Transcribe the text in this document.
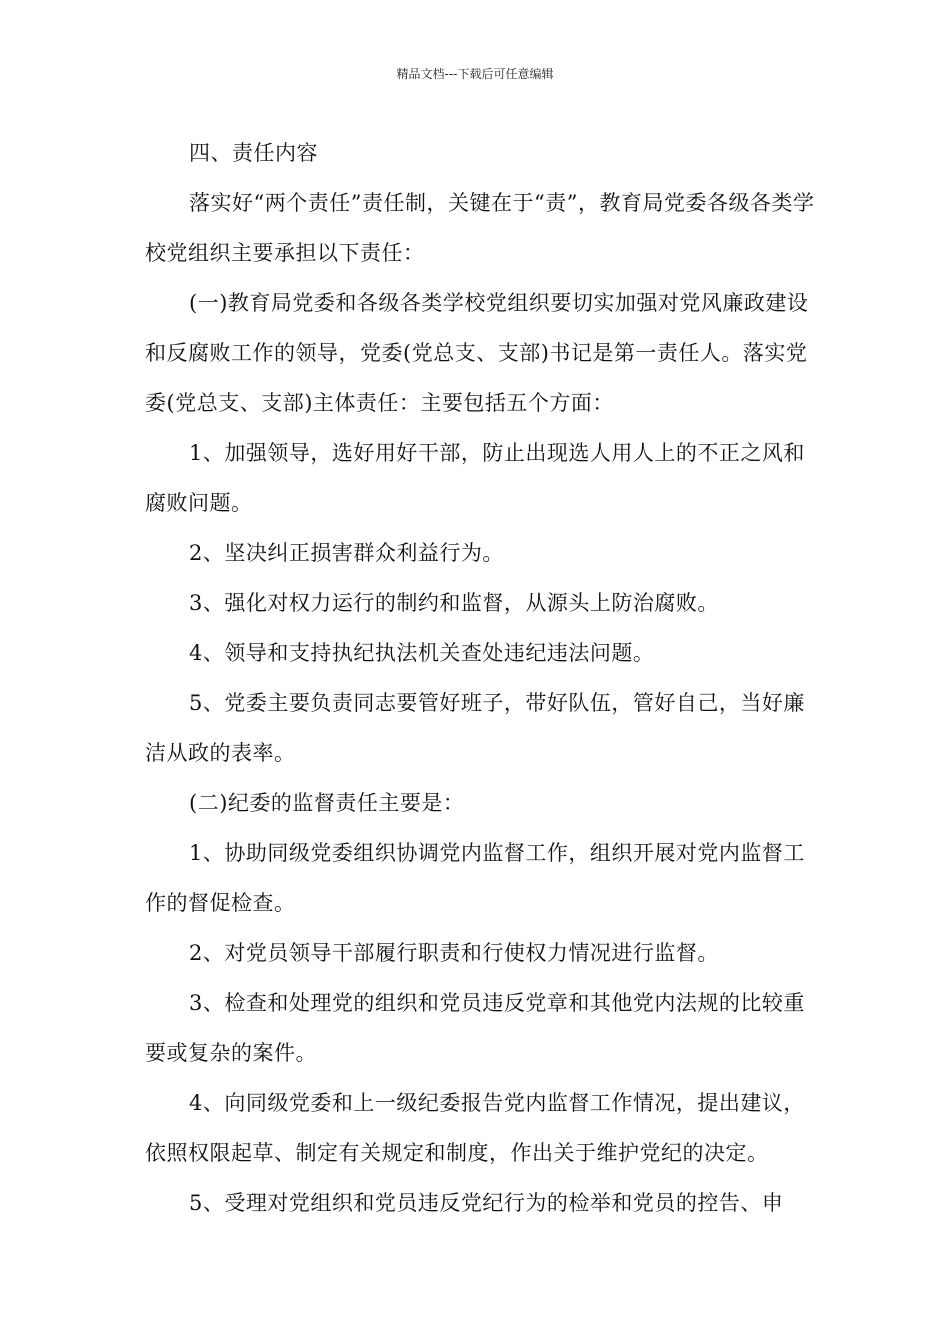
精品文档---下载后可任意编辑

四、责任内容

落实好“两个责任”责任制，关键在于“责”，教育局党委各级各类学校党组织主要承担以下责任：

(一)教育局党委和各级各类学校党组织要切实加强对党风廉政建设和反腐败工作的领导，党委(党总支、支部)书记是第一责任人。落实党委(党总支、支部)主体责任：主要包括五个方面：

1、加强领导，选好用好干部，防止出现选人用人上的不正之风和腐败问题。

2、坚决纠正损害群众利益行为。

3、强化对权力运行的制约和监督，从源头上防治腐败。

4、领导和支持执纪执法机关查处违纪违法问题。

5、党委主要负责同志要管好班子，带好队伍，管好自己，当好廉洁从政的表率。

(二)纪委的监督责任主要是：

1、协助同级党委组织协调党内监督工作，组织开展对党内监督工作的督促检查。

2、对党员领导干部履行职责和行使权力情况进行监督。

3、检查和处理党的组织和党员违反党章和其他党内法规的比较重要或复杂的案件。

4、向同级党委和上一级纪委报告党内监督工作情况，提出建议，依照权限起草、制定有关规定和制度，作出关于维护党纪的决定。

5、受理对党组织和党员违反党纪行为的检举和党员的控告、申
